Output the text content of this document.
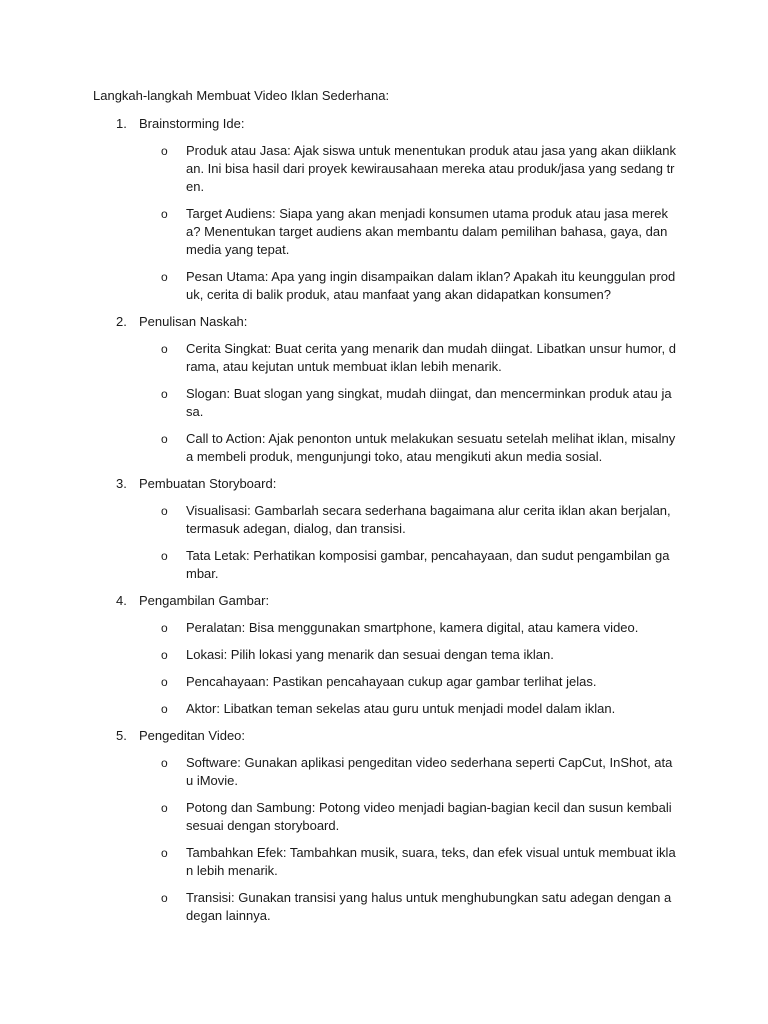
Langkah-langkah Membuat Video Iklan Sederhana:
1. Brainstorming Ide:
o Produk atau Jasa: Ajak siswa untuk menentukan produk atau jasa yang akan diiklankan. Ini bisa hasil dari proyek kewirausahaan mereka atau produk/jasa yang sedang tren.
o Target Audiens: Siapa yang akan menjadi konsumen utama produk atau jasa mereka? Menentukan target audiens akan membantu dalam pemilihan bahasa, gaya, dan media yang tepat.
o Pesan Utama: Apa yang ingin disampaikan dalam iklan? Apakah itu keunggulan produk, cerita di balik produk, atau manfaat yang akan didapatkan konsumen?
2. Penulisan Naskah:
o Cerita Singkat: Buat cerita yang menarik dan mudah diingat. Libatkan unsur humor, drama, atau kejutan untuk membuat iklan lebih menarik.
o Slogan: Buat slogan yang singkat, mudah diingat, dan mencerminkan produk atau jasa.
o Call to Action: Ajak penonton untuk melakukan sesuatu setelah melihat iklan, misalnya membeli produk, mengunjungi toko, atau mengikuti akun media sosial.
3. Pembuatan Storyboard:
o Visualisasi: Gambarlah secara sederhana bagaimana alur cerita iklan akan berjalan, termasuk adegan, dialog, dan transisi.
o Tata Letak: Perhatikan komposisi gambar, pencahayaan, dan sudut pengambilan gambar.
4. Pengambilan Gambar:
o Peralatan: Bisa menggunakan smartphone, kamera digital, atau kamera video.
o Lokasi: Pilih lokasi yang menarik dan sesuai dengan tema iklan.
o Pencahayaan: Pastikan pencahayaan cukup agar gambar terlihat jelas.
o Aktor: Libatkan teman sekelas atau guru untuk menjadi model dalam iklan.
5. Pengeditan Video:
o Software: Gunakan aplikasi pengeditan video sederhana seperti CapCut, InShot, atau iMovie.
o Potong dan Sambung: Potong video menjadi bagian-bagian kecil dan susun kembali sesuai dengan storyboard.
o Tambahkan Efek: Tambahkan musik, suara, teks, dan efek visual untuk membuat iklan lebih menarik.
o Transisi: Gunakan transisi yang halus untuk menghubungkan satu adegan dengan adegan lainnya.
